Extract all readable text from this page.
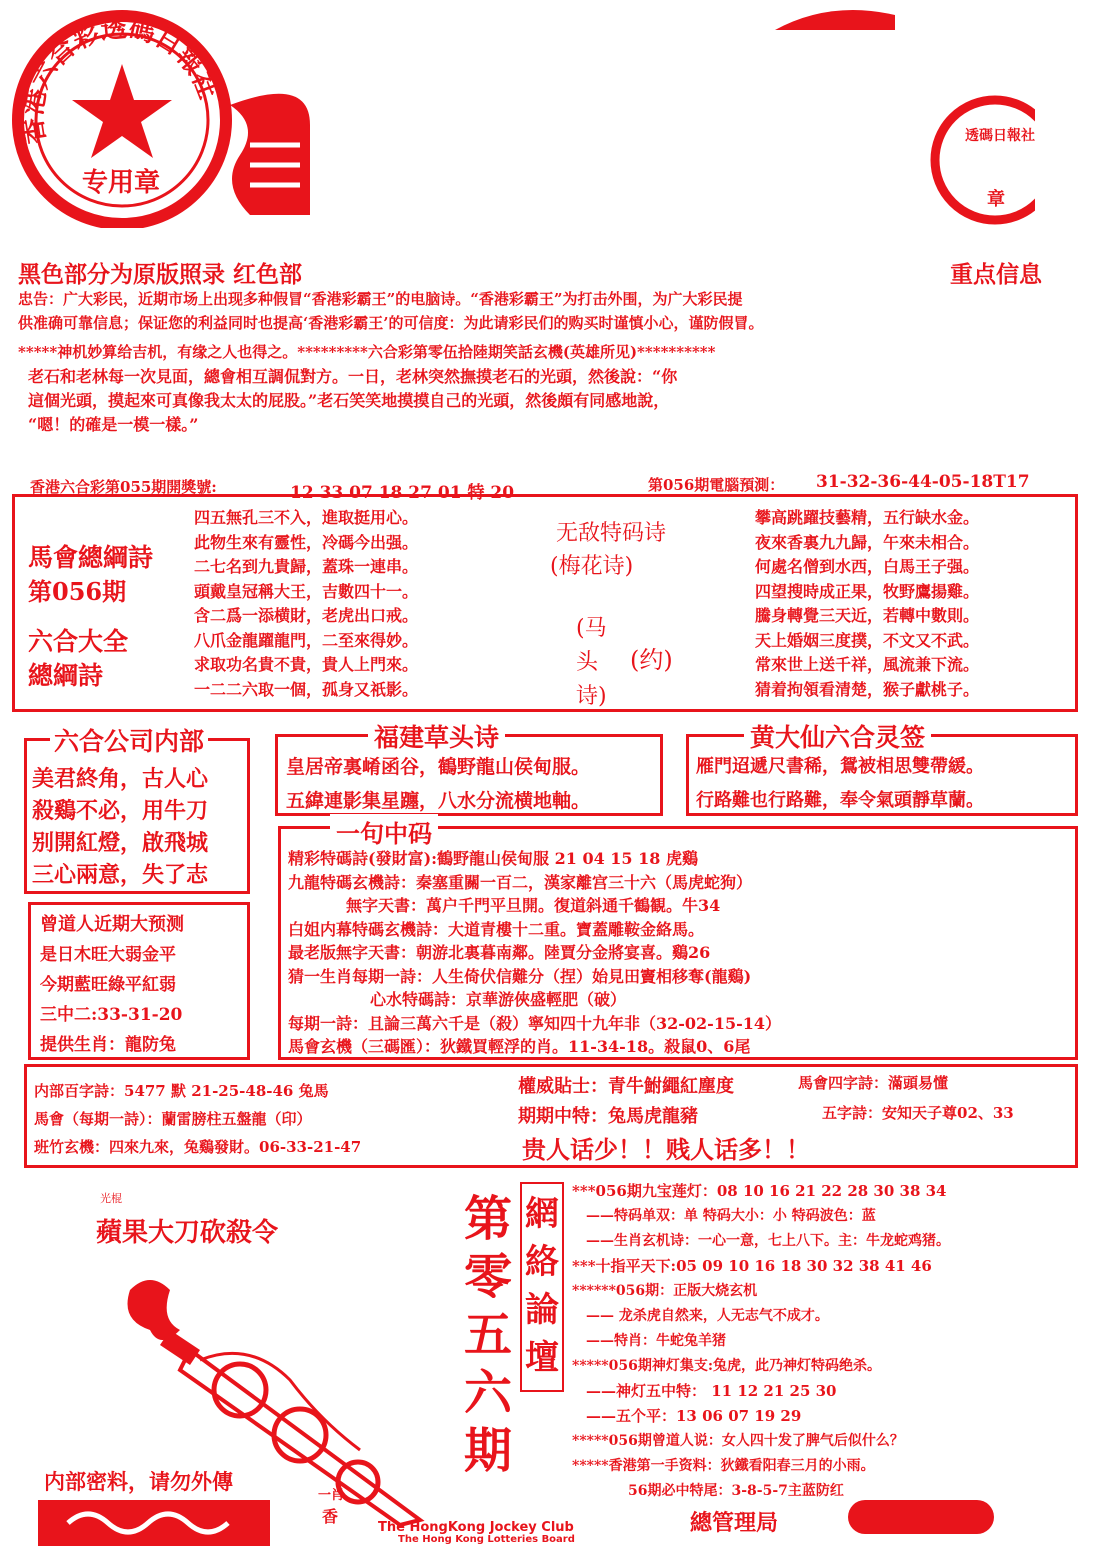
香港六合彩透碼日報社
专用章
透碼日報社
章
黑色部分为原版照录 红色部	重点信息
忠告：广大彩民，近期市场上出现多种假冒“香港彩霸王”的电脑诗。“香港彩霸王”为打击外围，为广大彩民提
供准确可靠信息；保证您的利益同时也提高‘香港彩霸王’的可信度：为此请彩民们的购买时谨慎小心，谨防假冒。
*****神机妙算给吉机，有缘之人也得之。*********六合彩第零伍拾陸期笑話玄機(英雄所见)**********
老石和老林每一次見面，總會相互調侃對方。一日，老林突然撫摸老石的光頭，然後說：“你
這個光頭，摸起來可真像我太太的屁股。”老石笑笑地摸摸自己的光頭，然後頗有同感地說，
“嗯！的確是一模一樣。”
香港六合彩第055期開獎號:	12 33 07 18 27 01 特 20	第056期電腦預測： 31-32-36-44-05-18T17
馬會總綱詩
第056期
六合大全
總綱詩
四五無孔三不入，進取挺用心。
此物生來有靈性，冷碼今出强。
二七名到九貴歸，蓋珠一連串。
頭戴皇冠稱大王，吉數四十一。
含二爲一添横財，老虎出口戒。
八爪金龍躍龍門，二至來得妙。
求取功名貴不貴，貴人上門來。
一二二六取一個，孤身又祇影。
无敌特码诗
(梅花诗)
(马头诗)
(约)
攀高跳躍技藝精，五行缺水金。
夜來香裏九九歸，午來未相合。
何處名僧到水西，白馬王子强。
四望搜時成正果，牧野鷹揚雞。
騰身轉覺三天近，若轉中數則。
天上婚姻三度撲，不文又不武。
常來世上送千祥，風流兼下流。
猜着拘領看清楚，猴子獻桃子。
六合公司内部
美君終角，古人心
殺鷄不必，用牛刀
别開紅燈，啟飛城
三心兩意，失了志
福建草头诗
皇居帝裏崤函谷，鶴野龍山侯甸服。
五緯連影集星躔，八水分流横地軸。
黄大仙六合灵签
雁門迢遞尺書稀，鴛被相思雙帶緩。
行路難也行路難，奉令氣頭靜草蘭。
曾道人近期大预测
是日木旺大弱金平
今期藍旺綠平紅弱
三中二:33-31-20
提供生肖：龍防兔
一句中码
精彩特碼詩(發財富):鶴野龍山侯甸服 21 04 15 18 虎鷄
九龍特碼玄機詩：秦塞重關一百二，漢家離宫三十六（馬虎蛇狗）
無字天書：萬户千門平旦開。復道斜通千鶴観。牛34
白姐内幕特碼玄機詩：大道青樓十二重。寶蓋雕鞍金絡馬。
最老版無字天書：朝游北裏暮南鄰。陸賈分金將宴喜。鷄26
猜一生肖每期一詩：人生倚伏信難分（捏）始見田竇相移奪(龍鷄)
心水特碼詩：京華游俠盛輕肥（破）
每期一詩：且論三萬六千是（殺）寧知四十九年非（32-02-15-14）
馬會玄機（三碼匯）：狄鐵買輕浮的肖。11-34-18。殺鼠0、6尾
内部百字詩：5477 默 21-25-48-46 兔馬
馬會（每期一詩）：蘭雷膀柱五盤龍（印）
班竹玄機：四來九來，兔鷄發財。06-33-21-47
權威貼士：青牛鮒繩紅塵度
期期中特：兔馬虎龍豬
贵人话少！！贱人话多！！
馬會四字詩：滿頭易懂
五字詩：安知天子尊02、33
光棍
蘋果大刀砍殺令
一肖
香
内部密料，请勿外傳
第零五六期
網絡論壇
***056期九宝莲灯：08 10 16 21 22 28 30 38 34
——特码单双：单 特码大小：小 特码波色：蓝
——生肖玄机诗：一心一意，七上八下。主：牛龙蛇鸡猪。
***十指平天下:05 09 10 16 18 30 32 38 41 46
******056期：正版大烧玄机
—— 龙杀虎自然来，人无志气不成才。
——特肖：牛蛇兔羊猪
*****056期神灯集支:兔虎，此乃神灯特码绝杀。
——神灯五中特： 11 12 21 25 30
——五个平：13 06 07 19 29
*****056期曾道人说：女人四十发了脾气后似什么？
*****香港第一手资料：狄鐵看阳春三月的小雨。
56期必中特尾：3-8-5-7主蓝防红
總管理局
The HongKong Jockey Club
The Hong Kong Lotteries Board
